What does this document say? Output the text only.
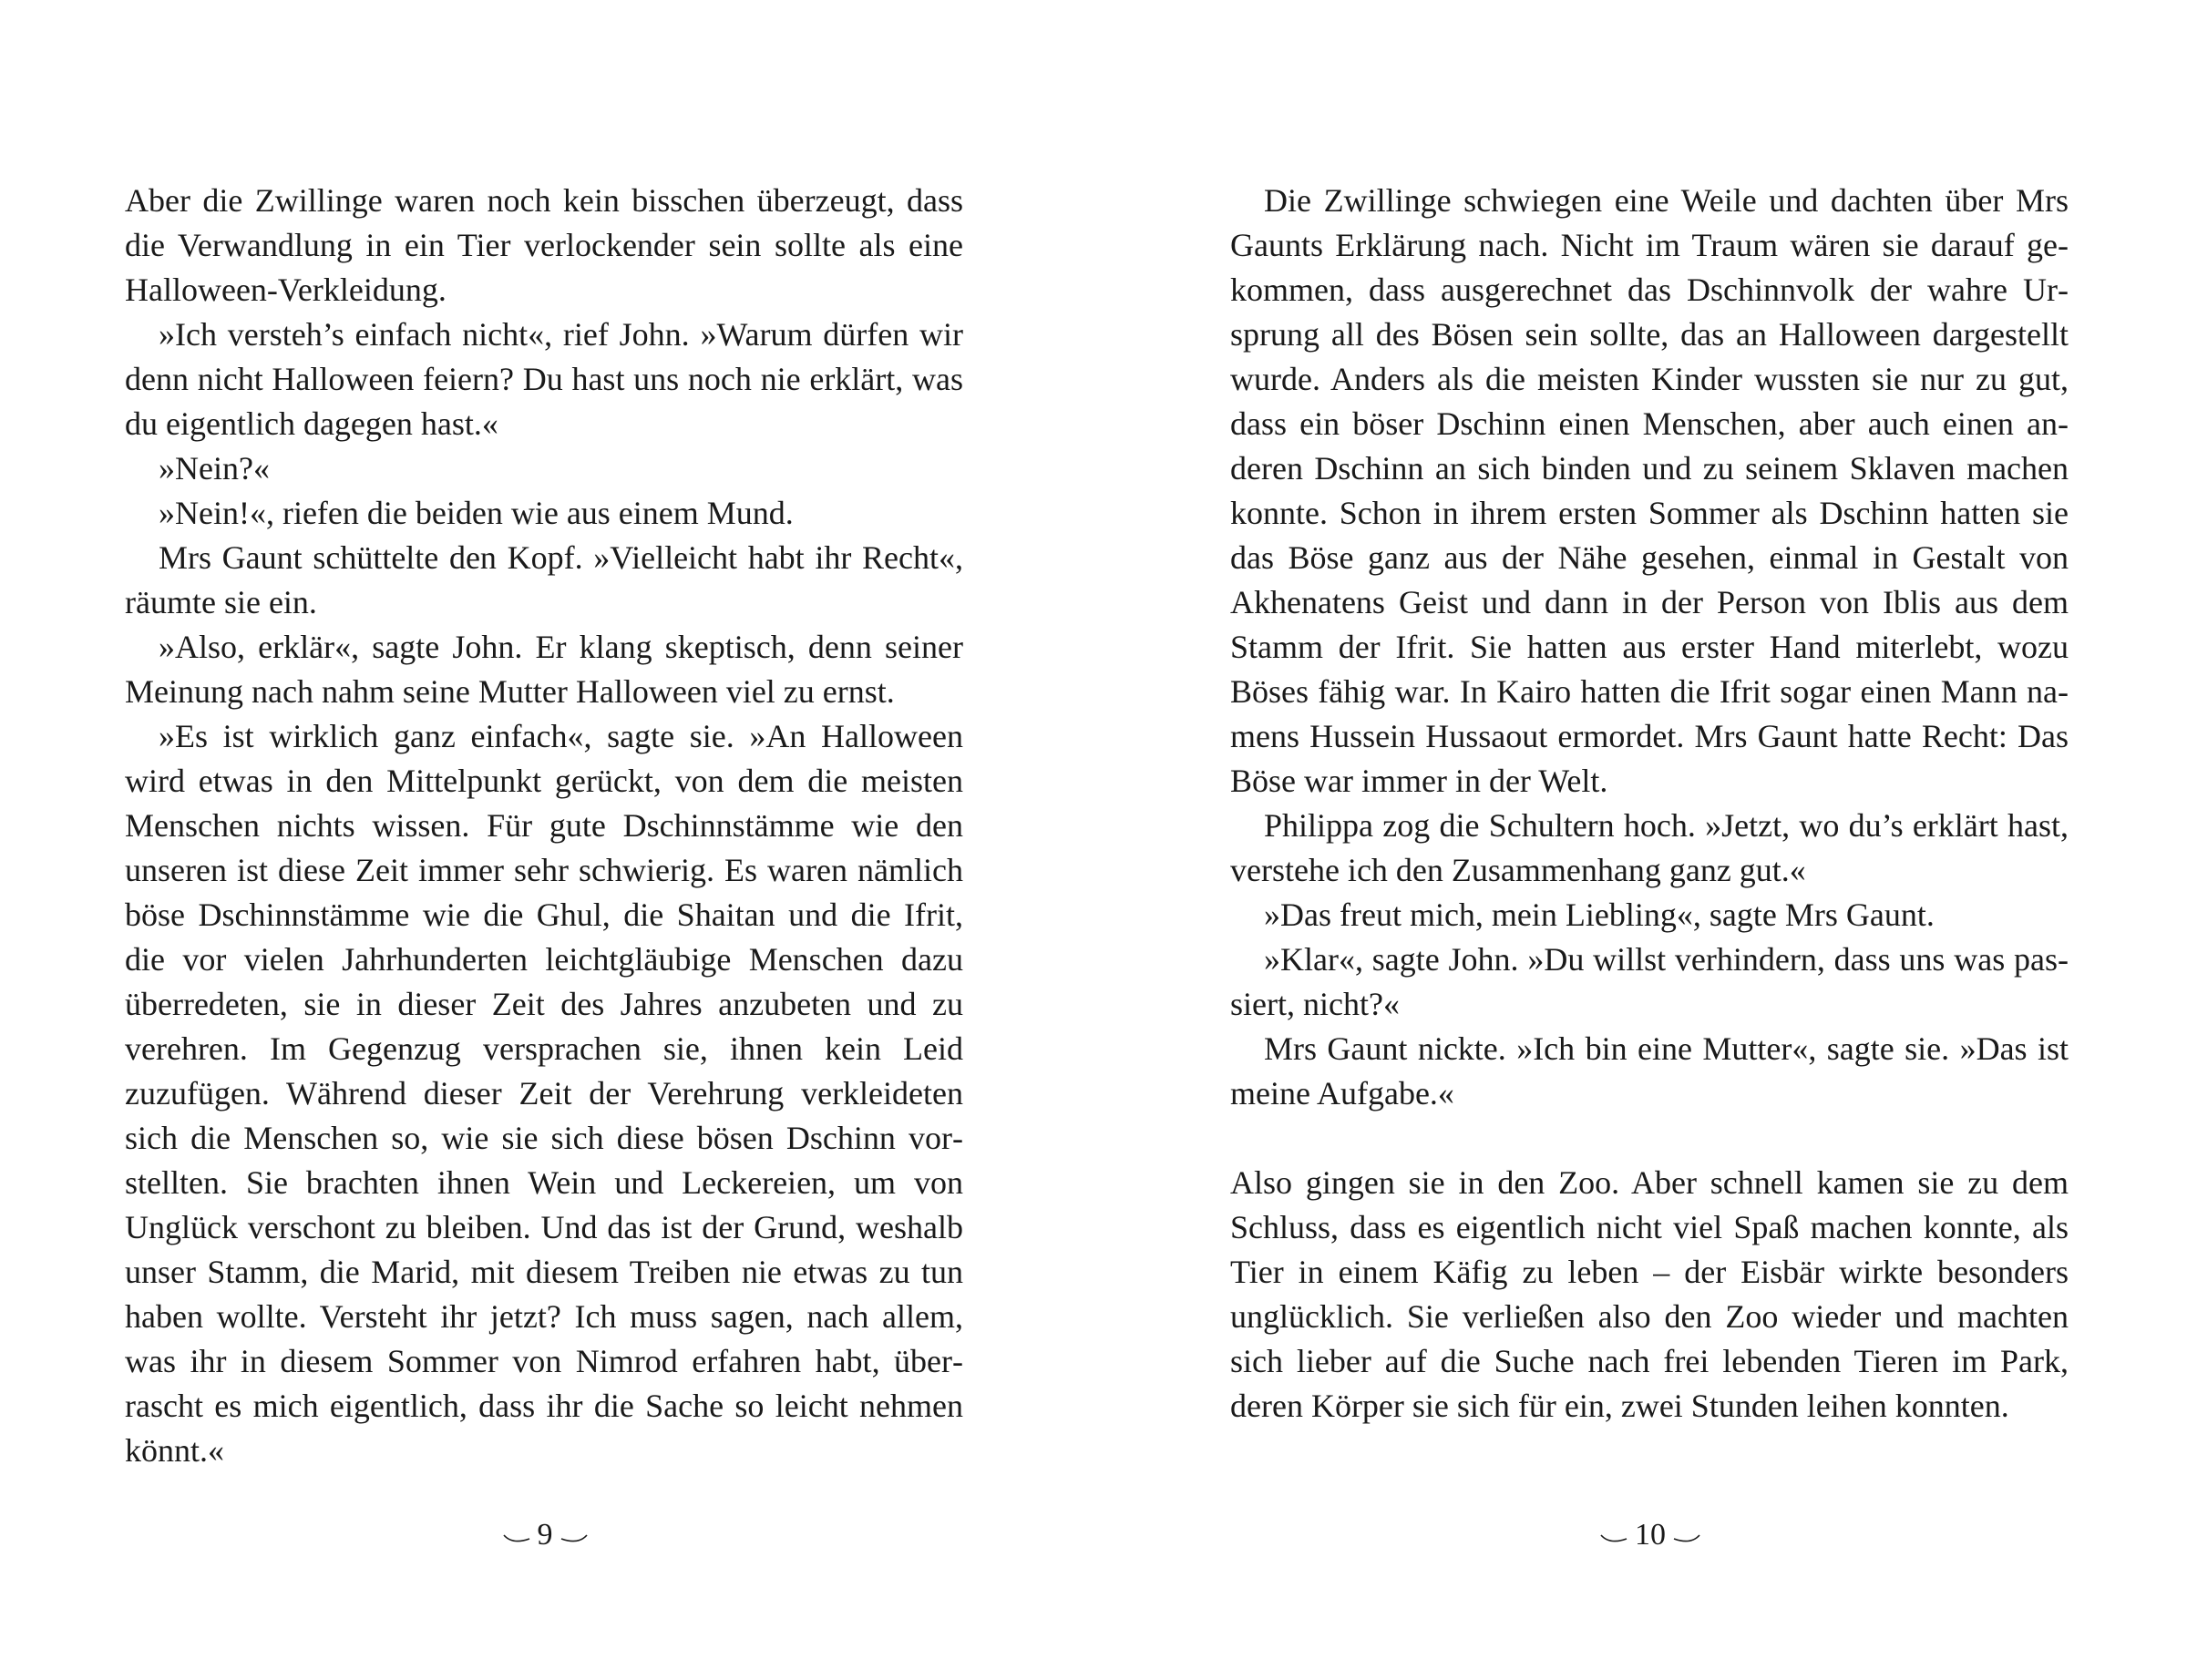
Aber die Zwillinge waren noch kein bisschen überzeugt, dass die Verwandlung in ein Tier verlockender sein sollte als eine Halloween-Verkleidung.

»Ich versteh’s einfach nicht«, rief John. »Warum dürfen wir denn nicht Halloween feiern? Du hast uns noch nie erklärt, was du eigentlich dagegen hast.«

»Nein?«

»Nein!«, riefen die beiden wie aus einem Mund.

Mrs Gaunt schüttelte den Kopf. »Vielleicht habt ihr Recht«, räumte sie ein.

»Also, erklär«, sagte John. Er klang skeptisch, denn seiner Meinung nach nahm seine Mutter Halloween viel zu ernst.

»Es ist wirklich ganz einfach«, sagte sie. »An Halloween wird etwas in den Mittelpunkt gerückt, von dem die meisten Menschen nichts wissen. Für gute Dschinnstämme wie den unseren ist diese Zeit immer sehr schwierig. Es waren nämlich böse Dschinnstämme wie die Ghul, die Shaitan und die Ifrit, die vor vielen Jahrhunderten leichtgläubige Menschen dazu überredeten, sie in dieser Zeit des Jahres anzubeten und zu verehren. Im Gegenzug versprachen sie, ihnen kein Leid zuzufügen. Während dieser Zeit der Verehrung verkleideten sich die Menschen so, wie sie sich diese bösen Dschinn vorstellten. Sie brachten ihnen Wein und Leckereien, um von Unglück verschont zu bleiben. Und das ist der Grund, weshalb unser Stamm, die Marid, mit diesem Treiben nie etwas zu tun haben wollte. Versteht ihr jetzt? Ich muss sagen, nach allem, was ihr in diesem Sommer von Nimrod erfahren habt, überrascht es mich eigentlich, dass ihr die Sache so leicht nehmen könnt.«

9

Die Zwillinge schwiegen eine Weile und dachten über Mrs Gaunts Erklärung nach. Nicht im Traum wären sie darauf gekommen, dass ausgerechnet das Dschinnvolk der wahre Ursprung all des Bösen sein sollte, das an Halloween dargestellt wurde. Anders als die meisten Kinder wussten sie nur zu gut, dass ein böser Dschinn einen Menschen, aber auch einen anderen Dschinn an sich binden und zu seinem Sklaven machen konnte. Schon in ihrem ersten Sommer als Dschinn hatten sie das Böse ganz aus der Nähe gesehen, einmal in Gestalt von Akhenatens Geist und dann in der Person von Iblis aus dem Stamm der Ifrit. Sie hatten aus erster Hand miterlebt, wozu Böses fähig war. In Kairo hatten die Ifrit sogar einen Mann namens Hussein Hussaout ermordet. Mrs Gaunt hatte Recht: Das Böse war immer in der Welt.

Philippa zog die Schultern hoch. »Jetzt, wo du’s erklärt hast, verstehe ich den Zusammenhang ganz gut.«

»Das freut mich, mein Liebling«, sagte Mrs Gaunt.

»Klar«, sagte John. »Du willst verhindern, dass uns was passiert, nicht?«

Mrs Gaunt nickte. »Ich bin eine Mutter«, sagte sie. »Das ist meine Aufgabe.«

Also gingen sie in den Zoo. Aber schnell kamen sie zu dem Schluss, dass es eigentlich nicht viel Spaß machen konnte, als Tier in einem Käfig zu leben – der Eisbär wirkte besonders unglücklich. Sie verließen also den Zoo wieder und machten sich lieber auf die Suche nach frei lebenden Tieren im Park, deren Körper sie sich für ein, zwei Stunden leihen konnten.

10
